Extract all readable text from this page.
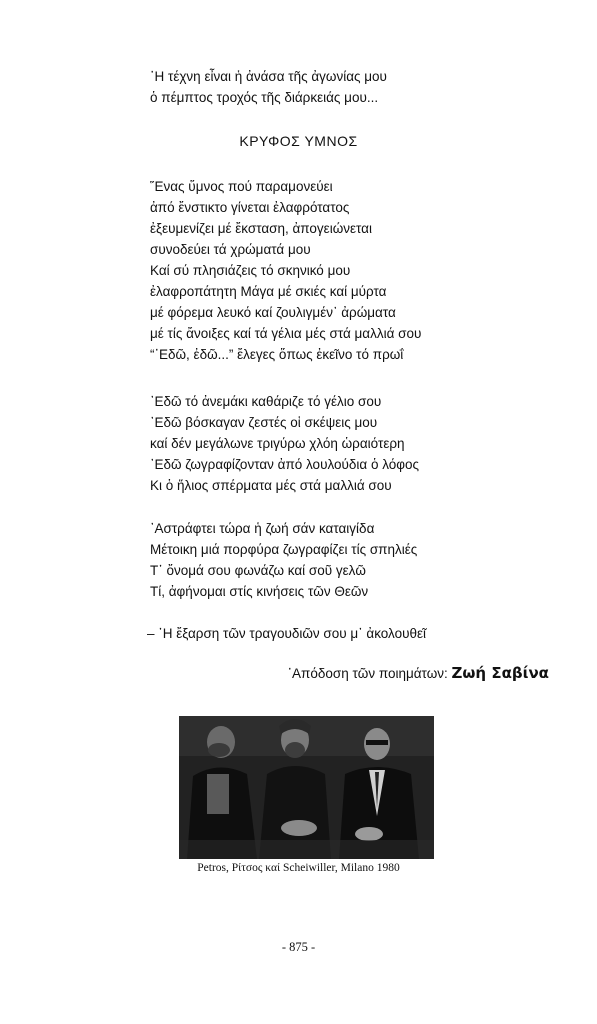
῾Η τέχνη εἶναι ἡ ἀνάσα τῆς ἀγωνίας μου
ὁ πέμπτος τροχός τῆς διάρκειάς μου...
ΚΡΥΦΟΣ ΥΜΝΟΣ
῞Ενας ὕμνος πού παραμονεύει
ἀπό ἔνστικτο γίνεται ἐλαφρότατος
ἐξευμενίζει μέ ἔκσταση, ἀπογειώνεται
συνοδεύει τά χρώματά μου
Καί σύ πλησιάζεις τό σκηνικό μου
ἐλαφροπάτητη Μάγα μέ σκιές καί μύρτα
μέ φόρεμα λευκό καί ζουλιγμέν᾽ ἀρώματα
μέ τίς ἄνοιξες καί τά γέλια μές στά μαλλιά σου
“᾽Εδῶ, ἐδῶ...” ἔλεγες ὅπως ἐκεῖνο τό πρωΐ
᾽Εδῶ τό ἀνεμάκι καθάριζε τό γέλιο σου
᾽Εδῶ βόσκαγαν ζεστές οἱ σκέψεις μου
καί δέν μεγάλωνε τριγύρω χλόη ὡραιότερη
᾽Εδῶ ζωγραφίζονταν ἀπό λουλούδια ὁ λόφος
Κι ὁ ἥλιος σπέρματα μές στά μαλλιά σου
᾽Αστράφτει τώρα ἡ ζωή σάν καταιγίδα
Μέτοικη μιά πορφύρα ζωγραφίζει τίς σπηλιές
Τ᾽ ὄνομά σου φωνάζω καί σοῦ γελῶ
Τί, ἀφήνομαι στίς κινήσεις τῶν Θεῶν
– ῾Η ἔξαρση τῶν τραγουδιῶν σου μ᾽ ἀκολουθεῖ
᾽Απόδοση τῶν ποιημάτων: Ζωή Σαβίνα
Petros, Ρίτσος καί Scheiwiller, Milano 1980
- 875 -
